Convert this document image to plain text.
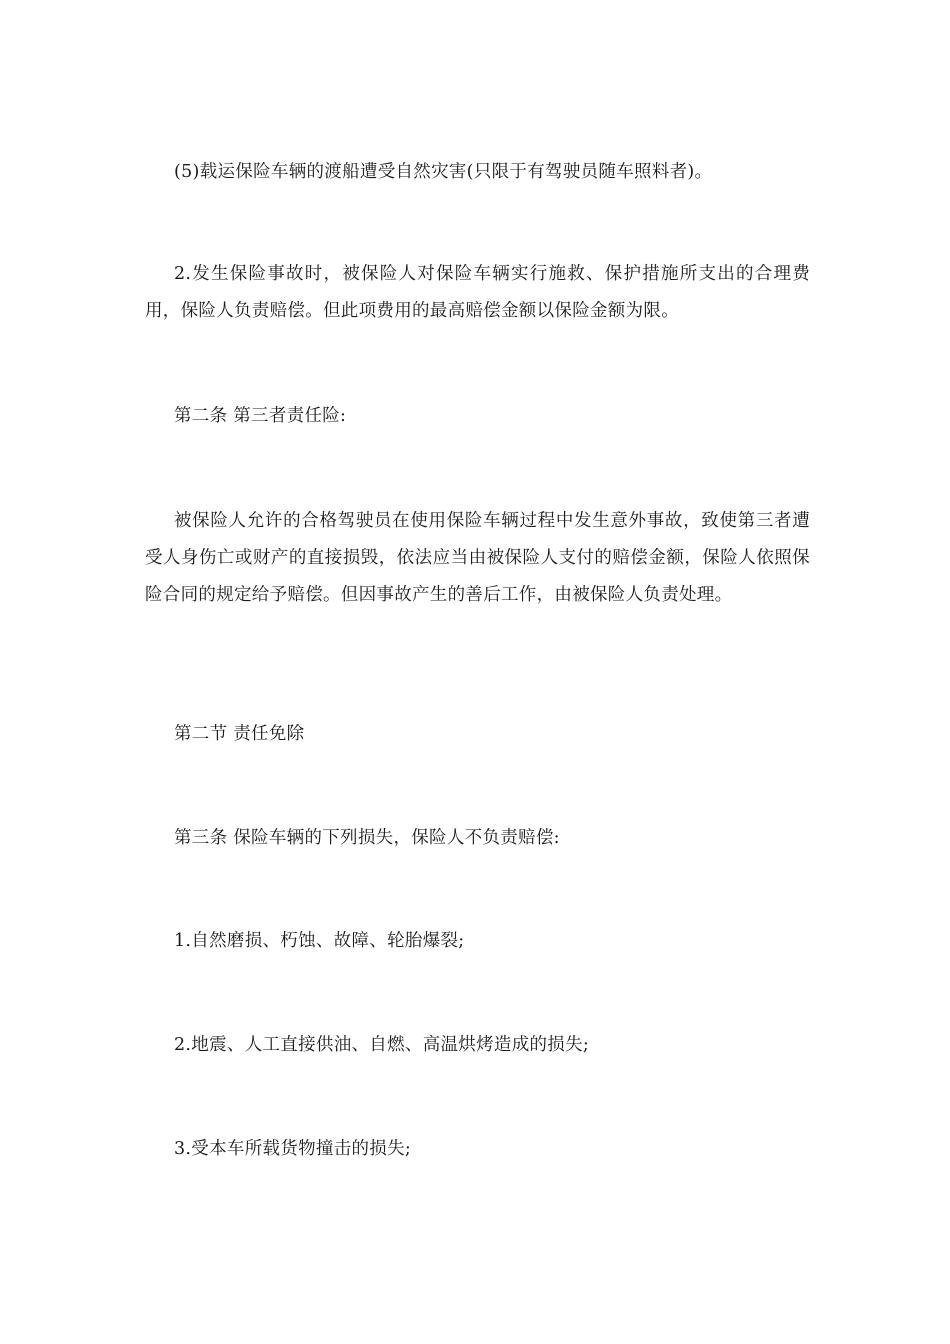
(5)载运保险车辆的渡船遭受自然灾害(只限于有驾驶员随车照料者)。

2.发生保险事故时，被保险人对保险车辆实行施救、保护措施所支出的合理费用，保险人负责赔偿。但此项费用的最高赔偿金额以保险金额为限。

第二条 第三者责任险:

被保险人允许的合格驾驶员在使用保险车辆过程中发生意外事故，致使第三者遭受人身伤亡或财产的直接损毁，依法应当由被保险人支付的赔偿金额，保险人依照保险合同的规定给予赔偿。但因事故产生的善后工作，由被保险人负责处理。

第二节 责任免除

第三条 保险车辆的下列损失，保险人不负责赔偿:

1.自然磨损、朽蚀、故障、轮胎爆裂;

2.地震、人工直接供油、自燃、高温烘烤造成的损失;

3.受本车所载货物撞击的损失;
